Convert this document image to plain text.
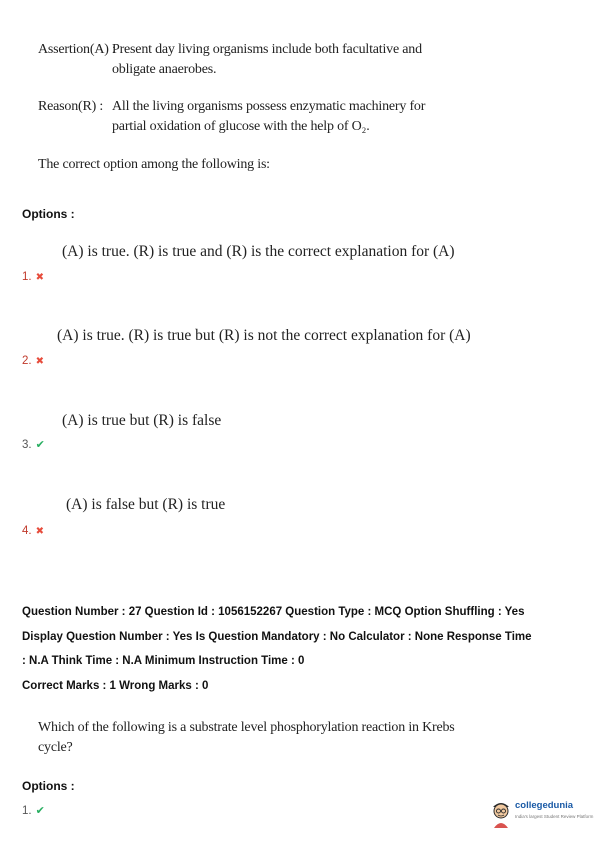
Assertion(A) :
Present day living organisms include both facultative and obligate anaerobes.
Reason(R) : All the living organisms possess enzymatic machinery for partial oxidation of glucose with the help of O₂.
The correct option among the following is:
Options :
(A) is true. (R) is true and (R) is the correct explanation for (A)
1. ✖
(A) is true. (R) is true but (R) is not the correct explanation for (A)
2. ✖
(A) is true but (R) is false
3. ✔
(A) is false but (R) is true
4. ✖
Question Number : 27 Question Id : 1056152267 Question Type : MCQ Option Shuffling : Yes
Display Question Number : Yes Is Question Mandatory : No Calculator : None Response Time
: N.A Think Time : N.A Minimum Instruction Time : 0
Correct Marks : 1 Wrong Marks : 0
Which of the following is a substrate level phosphorylation reaction in Krebs cycle?
Options :
1. ✔	collegedunia
India's largest Student Review Platform
